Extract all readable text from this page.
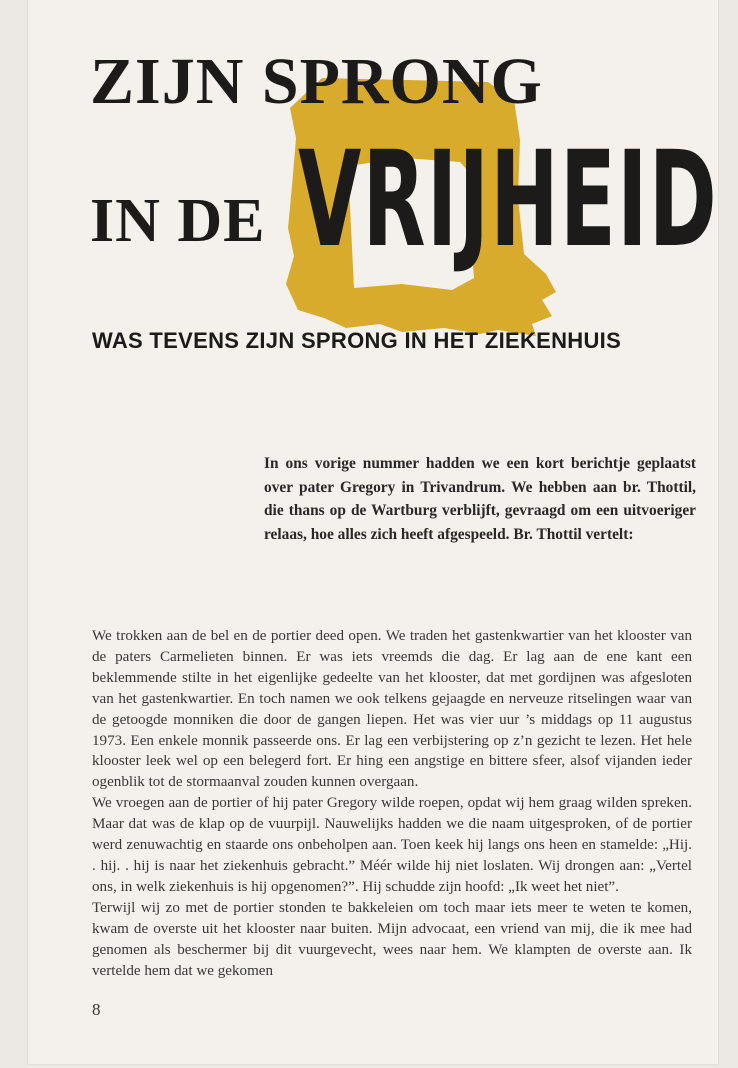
ZIJN SPRONG
IN DE VRIJHEID
WAS TEVENS ZIJN SPRONG IN HET ZIEKENHUIS

In ons vorige nummer hadden we een kort berichtje geplaatst over pater Gregory in Trivandrum. We hebben aan br. Thottil, die thans op de Wartburg verblijft, gevraagd om een uitvoeriger relaas, hoe alles zich heeft afgespeeld. Br. Thottil vertelt:

We trokken aan de bel en de portier deed open. We traden het gastenkwartier van het klooster van de paters Carmelieten binnen. Er was iets vreemds die dag. Er lag aan de ene kant een beklemmende stilte in het eigenlijke gedeelte van het klooster, dat met gordijnen was afgesloten van het gastenkwartier. En toch namen we ook telkens gejaagde en nerveuze ritselingen waar van de getoogde monniken die door de gangen liepen. Het was vier uur ’s middags op 11 augustus 1973. Een enkele monnik passeerde ons. Er lag een verbijstering op z’n gezicht te lezen. Het hele klooster leek wel op een belegerd fort. Er hing een angstige en bittere sfeer, alsof vijanden ieder ogenblik tot de stormaanval zouden kunnen overgaan.

We vroegen aan de portier of hij pater Gregory wilde roepen, opdat wij hem graag wilden spreken. Maar dat was de klap op de vuurpijl. Nauwelijks hadden we die naam uitgesproken, of de portier werd zenuwachtig en staarde ons onbeholpen aan. Toen keek hij langs ons heen en stamelde: „Hij. . hij. . hij is naar het ziekenhuis gebracht.” Méér wilde hij niet loslaten. Wij drongen aan: „Vertel ons, in welk ziekenhuis is hij opgenomen?”. Hij schudde zijn hoofd: „Ik weet het niet”.

Terwijl wij zo met de portier stonden te bakkeleien om toch maar iets meer te weten te komen, kwam de overste uit het klooster naar buiten. Mijn advocaat, een vriend van mij, die ik mee had genomen als beschermer bij dit vuurgevecht, wees naar hem. We klampten de overste aan. Ik vertelde hem dat we gekomen

8
